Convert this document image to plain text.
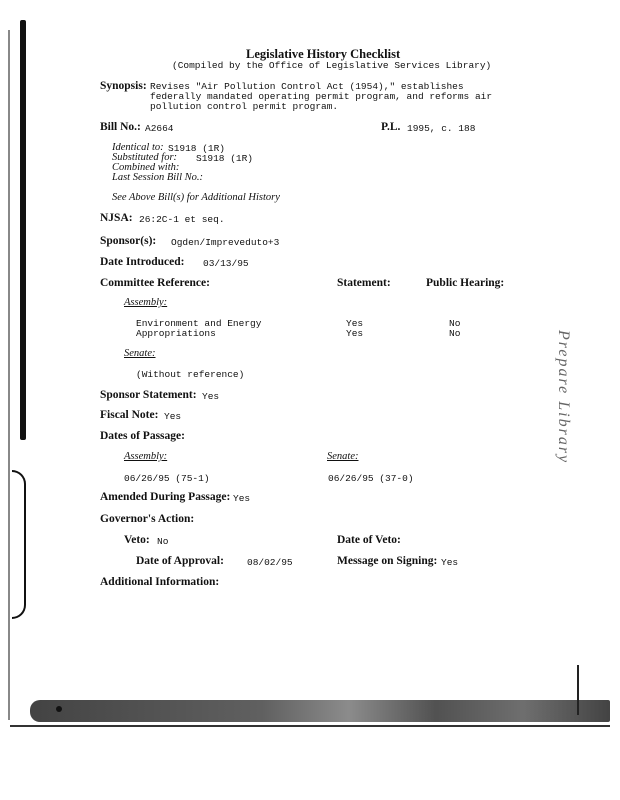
Prepare Library
Legislative History Checklist
(Compiled by the Office of Legislative Services Library)
Synopsis: Revises "Air Pollution Control Act (1954)," establishes
federally mandated operating permit program, and reforms air
pollution control permit program.
Bill No.: A2664	P.L. 1995, c. 188
Identical to: S1918 (1R)
Substituted for: S1918 (1R)
Combined with:
Last Session Bill No.:
See Above Bill(s) for Additional History
NJSA: 26:2C-1 et seq.
Sponsor(s): Ogden/Impreveduto+3
Date Introduced: 03/13/95
Committee Reference:	Statement:	Public Hearing:
Assembly:
Environment and Energy	Yes	No
Appropriations	Yes	No
Senate:
(Without reference)
Sponsor Statement: Yes
Fiscal Note: Yes
Dates of Passage:
Assembly:	Senate:
06/26/95 (75-1)	06/26/95 (37-0)
Amended During Passage: Yes
Governor's Action:
Veto: No	Date of Veto:
Date of Approval: 08/02/95	Message on Signing: Yes
Additional Information:
